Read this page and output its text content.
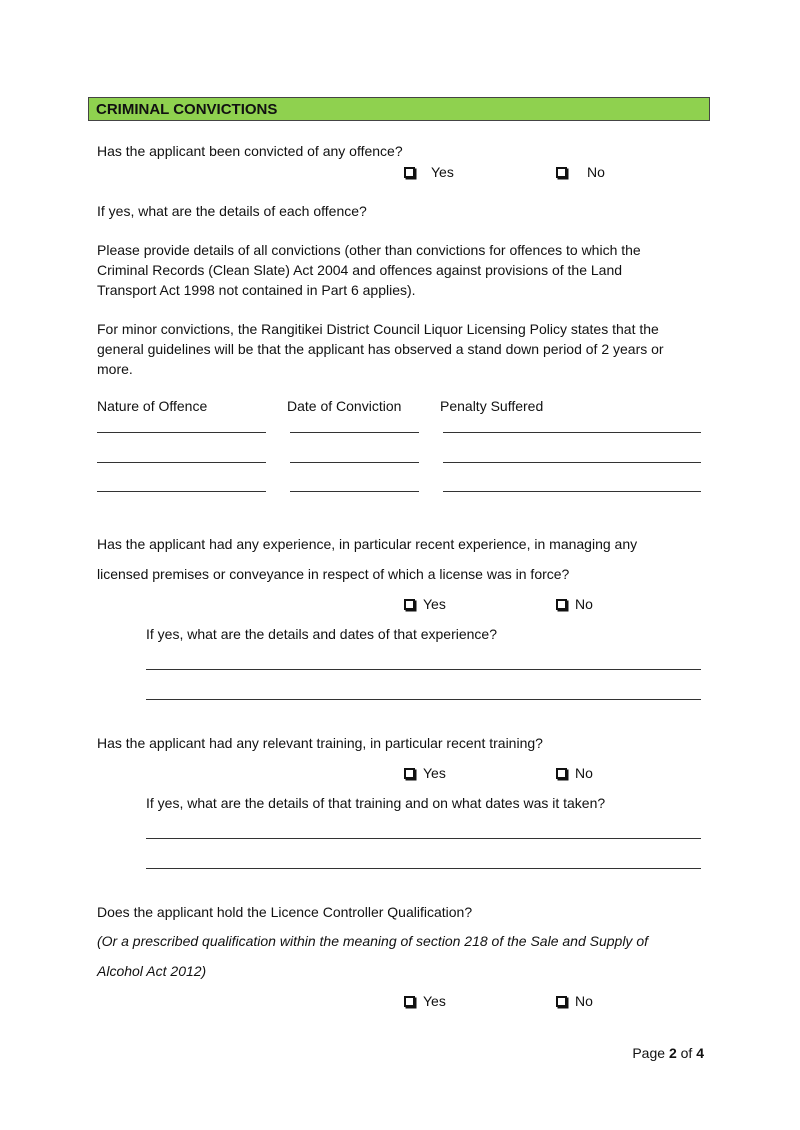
CRIMINAL CONVICTIONS
Has the applicant been convicted of any offence?
Yes	No
If yes, what are the details of each offence?
Please provide details of all convictions (other than convictions for offences to which the
Criminal Records (Clean Slate) Act 2004 and offences against provisions of the Land
Transport Act 1998 not contained in Part 6 applies).
For minor convictions, the Rangitikei District Council Liquor Licensing Policy states that the
general guidelines will be that the applicant has observed a stand down period of 2 years or
more.
Nature of Offence	Date of Conviction	Penalty Suffered
Has the applicant had any experience, in particular recent experience, in managing any
licensed premises or conveyance in respect of which a license was in force?
Yes	No
If yes, what are the details and dates of that experience?
Has the applicant had any relevant training, in particular recent training?
Yes	No
If yes, what are the details of that training and on what dates was it taken?
Does the applicant hold the Licence Controller Qualification?
(Or a prescribed qualification within the meaning of section 218 of the Sale and Supply of
Alcohol Act 2012)
Yes	No
Page 2 of 4
